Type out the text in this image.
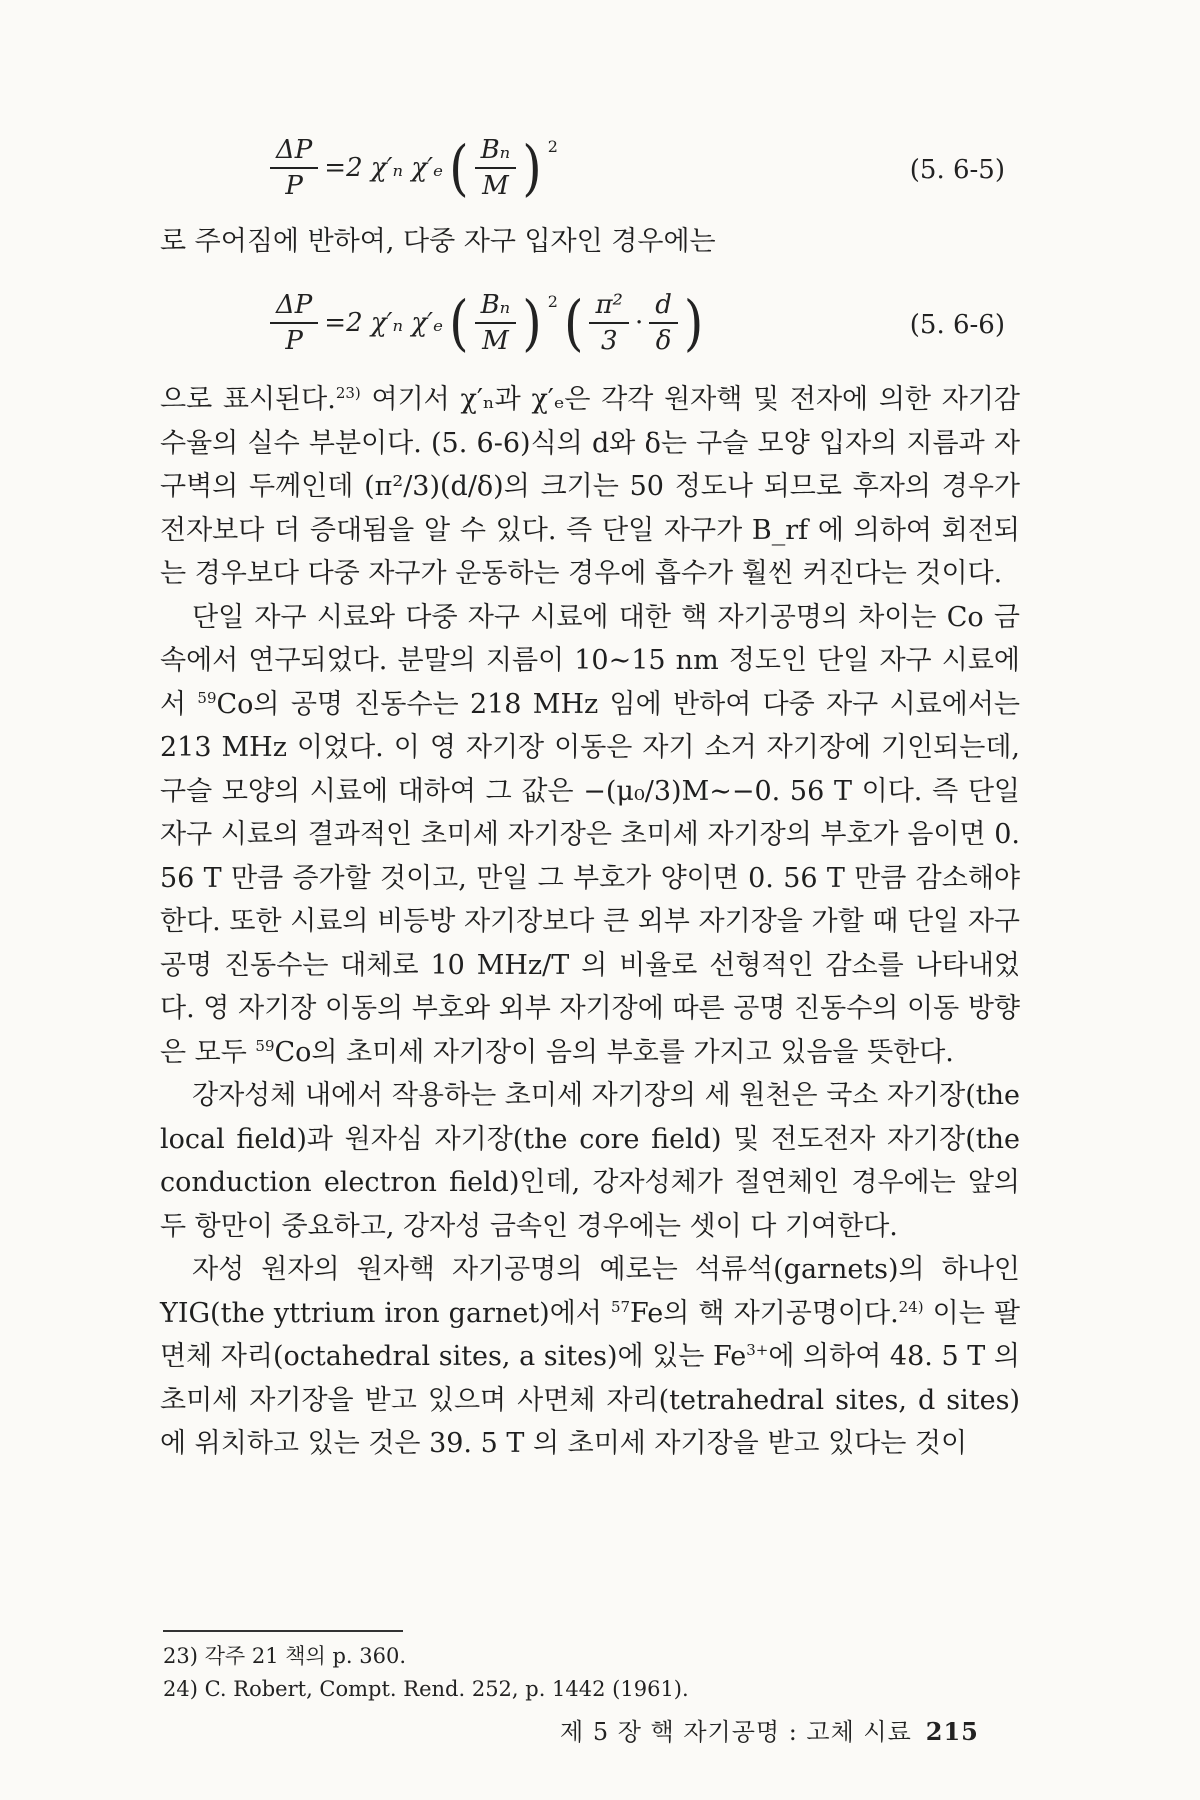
$\frac{\Delta P}{P} =2$ χ′ₙ χ′ₑ ( $\frac{\text{Bₙ}}{M}$ ) 2
(5. 6-5)

로 주어짐에 반하여, 다중 자구 입자인 경우에는

$\frac{\Delta P}{P} =2$ χ′ₙ χ′ₑ ( $\frac{\text{Bₙ}}{M}$ ) 2 ( $\frac{\text{π²}}{3} \cdot \frac{d}{\delta}$ )	(5. 6-6)

으로 표시된다.$^{23)}$ 여기서 χ′ₙ과 χ′ₑ은 각각 원자핵 및 전자에 의한 자기감수율의 실수 부분이다. (5. 6-6)식의 d와 δ는 구슬 모양 입자의 지름과 자구벽의 두께인데 (π²/3)(d/δ)의 크기는 50 정도나 되므로 후자의 경우가 전자보다 더 증대됨을 알 수 있다. 즉 단일 자구가 B_rf 에 의하여 회전되는 경우보다 다중 자구가 운동하는 경우에 흡수가 훨씬 커진다는 것이다.

단일 자구 시료와 다중 자구 시료에 대한 핵 자기공명의 차이는 Co 금속에서 연구되었다. 분말의 지름이 10∼15 nm 정도인 단일 자구 시료에서 $^{59}$Co의 공명 진동수는 218 MHz 임에 반하여 다중 자구 시료에서는 213 MHz 이었다. 이 영 자기장 이동은 자기 소거 자기장에 기인되는데, 구슬 모양의 시료에 대하여 그 값은 −(μ₀/3)M∼−0. 56 T 이다. 즉 단일 자구 시료의 결과적인 초미세 자기장은 초미세 자기장의 부호가 음이면 0. 56 T 만큼 증가할 것이고, 만일 그 부호가 양이면 0. 56 T 만큼 감소해야 한다. 또한 시료의 비등방 자기장보다 큰 외부 자기장을 가할 때 단일 자구 공명 진동수는 대체로 10 MHz/T 의 비율로 선형적인 감소를 나타내었다. 영 자기장 이동의 부호와 외부 자기장에 따른 공명 진동수의 이동 방향은 모두 $^{59}$Co의 초미세 자기장이 음의 부호를 가지고 있음을 뜻한다.

강자성체 내에서 작용하는 초미세 자기장의 세 원천은 국소 자기장(the local field)과 원자심 자기장(the core field) 및 전도전자 자기장(the conduction electron field)인데, 강자성체가 절연체인 경우에는 앞의 두 항만이 중요하고, 강자성 금속인 경우에는 셋이 다 기여한다.

자성 원자의 원자핵 자기공명의 예로는 석류석(garnets)의 하나인 YIG(the yttrium iron garnet)에서 $^{57}$Fe의 핵 자기공명이다.$^{24)}$ 이는 팔면체 자리(octahedral sites, a sites)에 있는 $Fe^{3+}$에 의하여 48. 5 T 의 초미세 자기장을 받고 있으며 사면체 자리(tetrahedral sites, d sites)에 위치하고 있는 것은 39. 5 T 의 초미세 자기장을 받고 있다는 것이

23) 각주 21 책의 p. 360.
24) C. Robert, Compt. Rend. 252, p. 1442 (1961).
제 5 장 핵 자기공명 : 고체 시료 215
